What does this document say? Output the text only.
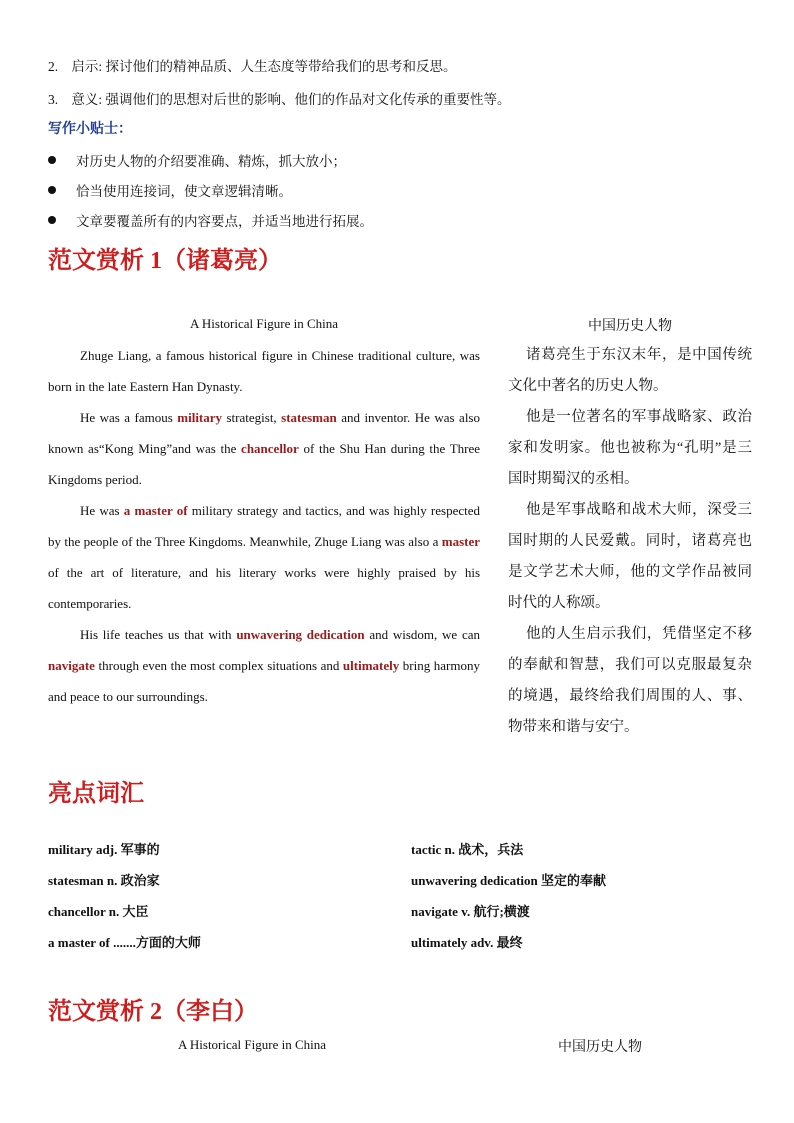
2. 启示: 探讨他们的精神品质、人生态度等带给我们的思考和反思。
3. 意义: 强调他们的思想对后世的影响、他们的作品对文化传承的重要性等。
写作小贴士：
对历史人物的介绍要准确、精炼，抓大放小；
恰当使用连接词，使文章逻辑清晰。
文章要覆盖所有的内容要点，并适当地进行拓展。
范文赏析 1（诸葛亮）
A Historical Figure in China	中国历史人物

Zhuge Liang, a famous historical figure in Chinese traditional culture, was born in the late Eastern Han Dynasty.

He was a famous military strategist, statesman and inventor. He was also known as“Kong Ming”and was the chancellor of the Shu Han during the Three Kingdoms period.

He was a master of military strategy and tactics, and was highly respected by the people of the Three Kingdoms. Meanwhile, Zhuge Liang was also a master of the art of literature, and his literary works were highly praised by his contemporaries.

His life teaches us that with unwavering dedication and wisdom, we can navigate through even the most complex situations and ultimately bring harmony and peace to our surroundings.

诸葛亮生于东汉末年，是中国传统文化中著名的历史人物。

他是一位著名的军事战略家、政治家和发明家。他也被称为“孔明”是三国时期蜀汉的丞相。

他是军事战略和战术大师，深受三国时期的人民爱戴。同时，诸葛亮也是文学艺术大师，他的文学作品被同时代的人称颂。

他的人生启示我们，凭借坚定不移的奉献和智慧，我们可以克服最复杂的境遇，最终给我们周围的人、事、物带来和谐与安宁。

亮点词汇
military adj. 军事的
statesman n. 政治家
chancellor n. 大臣
a master of .......方面的大师
tactic n. 战术，兵法
unwavering dedication 坚定的奉献
navigate v. 航行;横渡
ultimately adv. 最终
范文赏析 2（李白）
A Historical Figure in China	中国历史人物
